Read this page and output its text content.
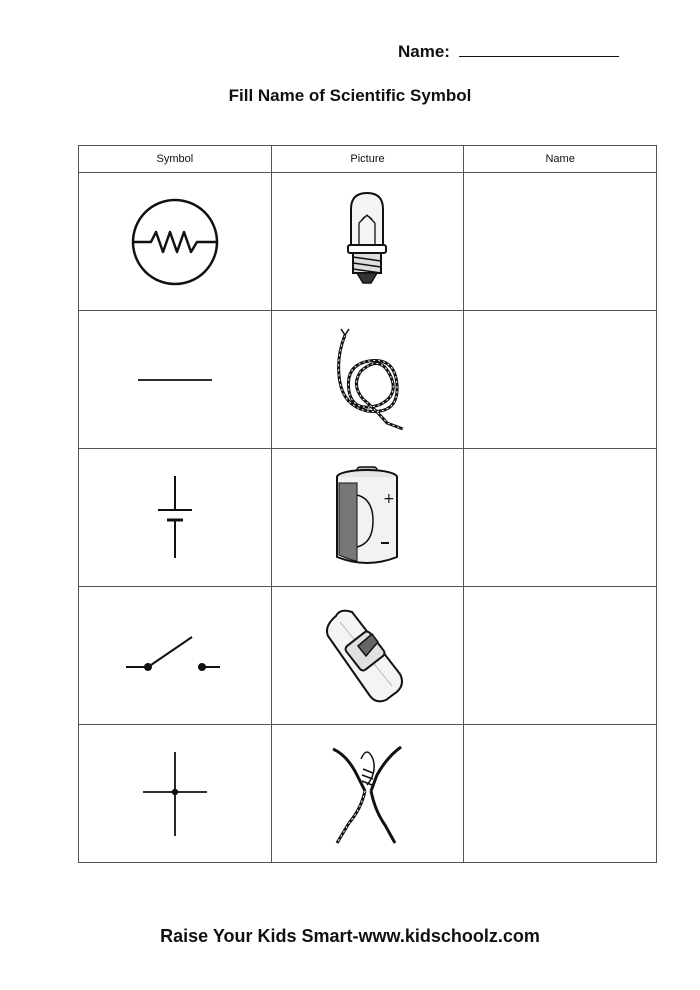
Name:
Fill Name of Scientific Symbol
Symbol	Picture	Name

+	

Raise Your Kids Smart-www.kidschoolz.com
